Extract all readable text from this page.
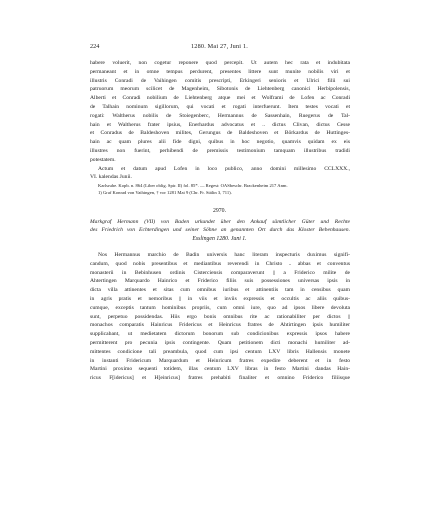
224	1280. Mai 27, Juni 1.
habere voluerit, non cogetur reponere quod percepit. Ut autem hec rata et indubitata
permaneant et in omne tempus perdurent, presentes littere sunt munite nobilis viri et
illustris Conradi de Vaihingen comitis prescripti, Erkingeri senioris et Ulrici filii sui
patruorum meorum scilicet de Magenheim, Sibotonis de Liehtenberg canonici Herbipolensis,
Alberti et Conradi nobilium de Liehtenberg atque mei et Wolframi de Lofen ac Conradi
de Talhain nominum sigillorum, qui vocati et rogati interfuerunt. Item testes vocati et
rogati: Waltherus nobilis de Stoiegenberc, Hermannus de Sassenhain, Ruegerus de Tal-
hain et Waltherus frater ipsius, Enerhardus advocatus et .. dictus Clivan, dictus Cesse
et Conradus de Baldeshoven milites, Gerungus de Baldeshoven et Börkardus de Huttinges-
hain ac quam plures alii fide digni, quibus in hoc negotio, quamvis quidam ex eis
illustres non fuerint, perhibendi de premissis testimonium tamquam illustribus tradidi
potestatem.
Actum et datum apud Lofen in loco publico, anno domini millesimo CCLXXX.,
VI. kalendas Junii.
Karlsruhe. Kopb. n. 864 (Liber oblig. Spir. II) fol. 85*. — Regest: OASbeschr. Brackenheim 217 Anm.
1) Graf Konrad von Vaihingen, † vor 1281 Mai 9 (Chr. Fr. Stälin 3, 711).
2970.
Markgraf Hermann (VII) von Baden urkundet über den Ankauf sämtlicher Güter und Rechte
des Friedrich von Echterdingen und seiner Söhne an genannten Ort durch das Kloster Bebenhausen.
Esslingen 1280. Juni 1.
Nos Hermannus marchio de Badin universis hanc literam inspecturis duximus signifi-
candum, quod nobis presentibus et mediantibus reverendi in Christo .. abbas et conventus
monasterii in Bebinhusen ordinis Cisterciensis comparaverunt || a Friderico milite de
Ahtertingen Marquardo Hainrico et Friderico filiis suis possessiones universas ipsis in
dicta villa attinentes et sitas cum omnibus iuribus et attinentiis tam in censibus quam
in agris pratis et nemoribus || in viis et inviis expressis et occultis ac aliis quibus-
cumque, exceptis tantum hominibus propriis, cum omni iure, quo ad ipsos libere devoluta
sunt, perpetuo possidendas. Hiis ergo bonis omnibus rite ac rationabiliter per dictos ||
monachos comparatis Hainricus Fridericus et Heinricus fratres de Ahtirtingen ipsis humiliter
supplicabant, ut medietatem dictorum bonorum sub condicionibus expressis ipsos habere
permitterent pro pecunia ipsis contingente. Quam petitionem dicti monachi humiliter ad-
mittentes condicione tali preambula, quod cum ipsi centum LXV libris Hallensis monete
in instanti Fridericum Marquardum et Heinricum fratres expedire deberent et in festo
Martini proximo sequenti totidem, illas centum LXV libras in festo Martini dandas Hain-
ricus F[idericus] et H[einricus] fratres prehabiti finaliter et omnino Friderico filiisque
